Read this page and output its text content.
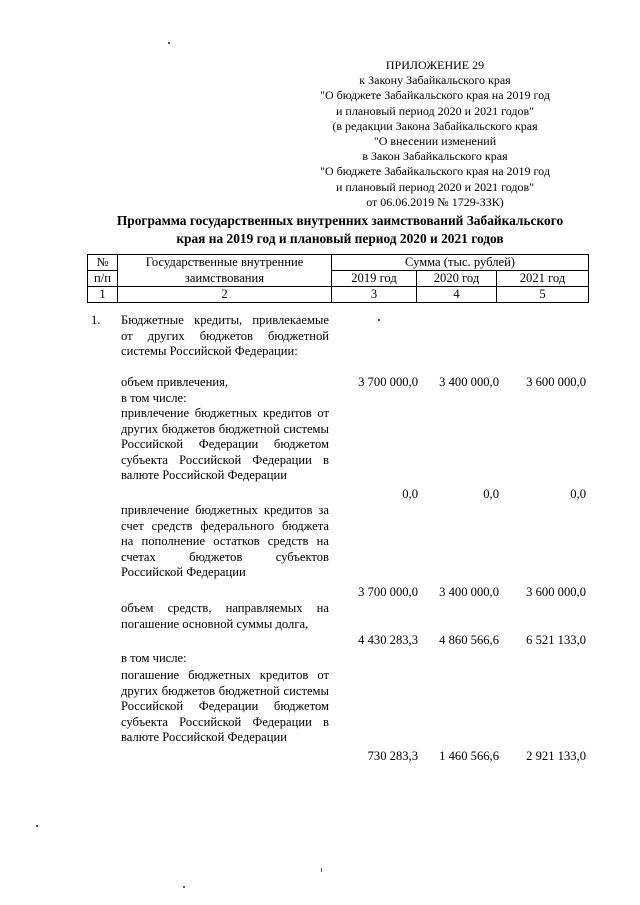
ПРИЛОЖЕНИЕ 29
к Закону Забайкальского края
"О бюджете Забайкальского края на 2019 год
и плановый период 2020 и 2021 годов"
(в редакции Закона Забайкальского края
"О внесении изменений
в Закон Забайкальского края
"О бюджете Забайкальского края на 2019 год
и плановый период 2020 и 2021 годов"
от 06.06.2019 № 1729-ЗЗК)
Программа государственных внутренних заимствований Забайкальского
края на 2019 год и плановый период 2020 и 2021 годов
№	Государственные внутренние	Сумма (тыс. рублей)		
п/п	заимствования	2019 год	2020 год	2021 год
1	2	3	4	5
1. Бюджетные кредиты, привлекаемые от других бюджетов бюджетной системы Российской Федерации:

объем привлечения,	3 700 000,0 3 400 000,0 3 600 000,0

в том числе:

привлечение бюджетных кредитов от других бюджетов бюджетной системы Российской Федерации бюджетом субъекта Российской Федерации в валюте Российской Федерации

0,0	0,0	0,0

привлечение бюджетных кредитов за счет средств федерального бюджета на пополнение остатков средств на счетах бюджетов субъектов Российской Федерации

3 700 000,0 3 400 000,0 3 600 000,0

объем средств, направляемых на погашение основной суммы долга,

4 430 283,3 4 860 566,6 6 521 133,0

в том числе:

погашение бюджетных кредитов от других бюджетов бюджетной системы Российской Федерации бюджетом субъекта Российской Федерации в валюте Российской Федерации

730 283,3 1 460 566,6 2 921 133,0
